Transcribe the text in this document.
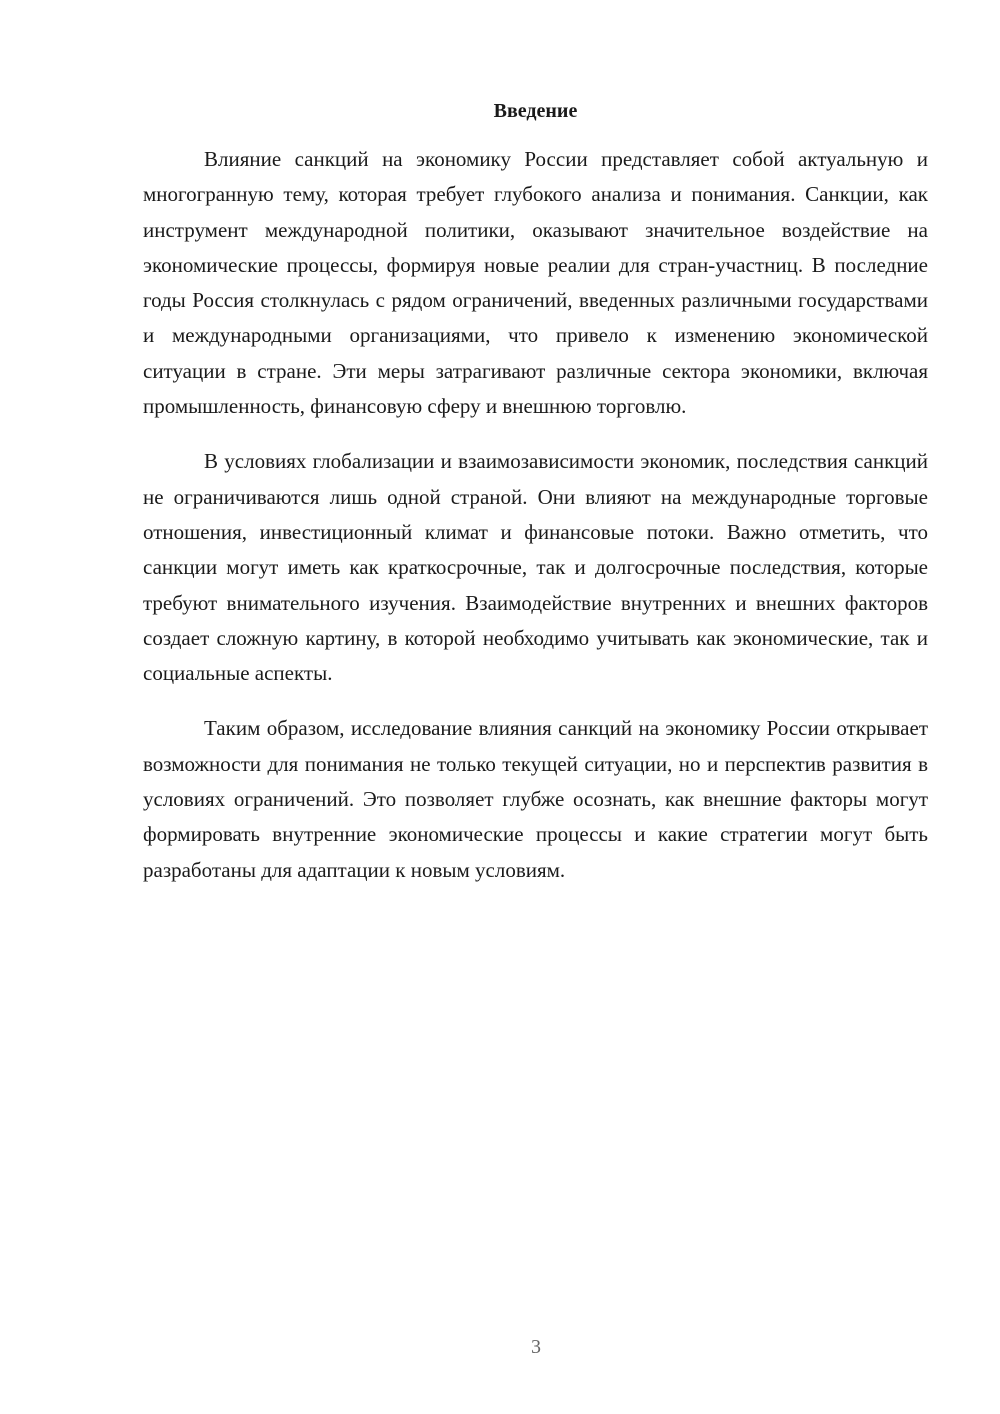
Введение

Влияние санкций на экономику России представляет собой актуальную и многогранную тему, которая требует глубокого анализа и понимания. Санкции, как инструмент международной политики, оказывают значительное воздействие на экономические процессы, формируя новые реалии для стран-участниц. В последние годы Россия столкнулась с рядом ограничений, введенных различными государствами и международными организациями, что привело к изменению экономической ситуации в стране. Эти меры затрагивают различные сектора экономики, включая промышленность, финансовую сферу и внешнюю торговлю.

В условиях глобализации и взаимозависимости экономик, последствия санкций не ограничиваются лишь одной страной. Они влияют на международные торговые отношения, инвестиционный климат и финансовые потоки. Важно отметить, что санкции могут иметь как краткосрочные, так и долгосрочные последствия, которые требуют внимательного изучения. Взаимодействие внутренних и внешних факторов создает сложную картину, в которой необходимо учитывать как экономические, так и социальные аспекты.

Таким образом, исследование влияния санкций на экономику России открывает возможности для понимания не только текущей ситуации, но и перспектив развития в условиях ограничений. Это позволяет глубже осознать, как внешние факторы могут формировать внутренние экономические процессы и какие стратегии могут быть разработаны для адаптации к новым условиям.

3
